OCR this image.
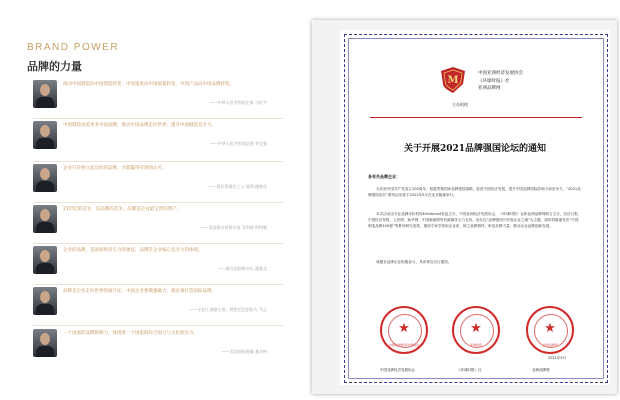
BRAND POWER
品牌的力量
推动中国制造向中国创造转变、中国速度向中国质量转变、中国产品向中国品牌转变。
——中华人民共和国主席 习近平
中国制造亟需更多中国品牌，推动中国品牌走向世界，提升中国制造竞争力。
——中华人民共和国总理 李克强
企业只有树立起良好的品牌，才能赢得市场的认可。
——现代管理学之父 彼得·德鲁克
21世纪的竞争，是品牌的竞争，品牌是企业最宝贵的资产。
——美国著名营销学家 菲利普·科特勒
企业的品牌，是国家经济实力的象征，品牌是企业核心竞争力的体现。
——联合国前秘书长 潘基文
品牌是企业走向世界的通行证，中国企业要做强做大，就必须打造国际品牌。
——全国工商联主席、阿里巴巴创始人 马云
一个国家的品牌影响力，体现着一个国家的综合国力与文化软实力。
——美国前国务卿 基辛格
M
中国亚洲经济发展协会
《环球时报》社
亚洲品牌网
主办机构
关于开展2021品牌强国论坛的通知
各有关品牌企业：
为庆祝中国共产党成立100周年，积极贯彻国家品牌强国战略，促进中国经济发展，提升中国品牌国际影响力和竞争力，“2021品牌强国论坛”系列活动将于2021年5月在北京隆重举行。
本次活动由专业品牌评价机构Enfabrand发起主办，中国亚洲经济发展协会、《环球时报》社和亚洲品牌网联合主办，经济日报、中国经济导报、人民网、新华网、中国新闻网等权威媒体大力支持。论坛以“品牌强国兴民族企业之魂”为主题，届时将隆重发布“中国制造品牌100强”等系列研究成果，邀请专家学者和企业家，树立品牌榜样，彰显品牌力量，推动企业品牌创新发展。
诚邀各品牌企业积极参与，具体事宜另行通知。
★
中国亚洲经济发展协会
★
环球时报
★
亚洲品牌网
中国亚洲经济发展协会	《环球时报》社	亚洲品牌网
2021年5月
